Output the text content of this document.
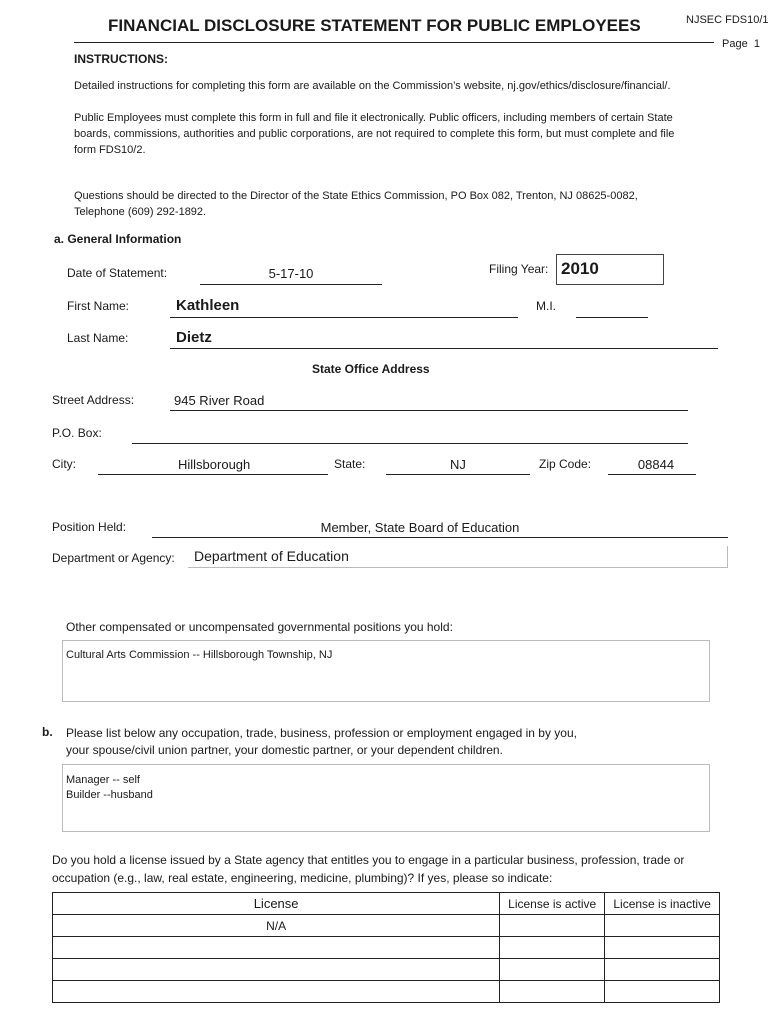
FINANCIAL DISCLOSURE STATEMENT FOR PUBLIC EMPLOYEES	NJSEC FDS10/1
Page 1
INSTRUCTIONS:
Detailed instructions for completing this form are available on the Commission’s website, nj.gov/ethics/disclosure/financial/.
Public Employees must complete this form in full and file it electronically. Public officers, including members of certain State
boards, commissions, authorities and public corporations, are not required to complete this form, but must complete and file
form FDS10/2.
Questions should be directed to the Director of the State Ethics Commission, PO Box 082, Trenton, NJ 08625-0082,
Telephone (609) 292-1892.
a. General Information
Date of Statement:	5-17-10	Filing Year: 2010
First Name:	Kathleen	M.I.
Last Name:	Dietz
State Office Address
Street Address:	945 River Road
P.O. Box:
City:	Hillsborough	State:	NJ	Zip Code:	08844
Position Held:	Member, State Board of Education
Department or Agency: Department of Education
Other compensated or uncompensated governmental positions you hold:
Cultural Arts Commission -- Hillsborough Township, NJ
b. Please list below any occupation, trade, business, profession or employment engaged in by you,
your spouse/civil union partner, your domestic partner, or your dependent children.
Manager -- self
Builder --husband
Do you hold a license issued by a State agency that entitles you to engage in a particular business, profession, trade or
occupation (e.g., law, real estate, engineering, medicine, plumbing)? If yes, please so indicate:
License	License is active	License is inactive
N/A		
